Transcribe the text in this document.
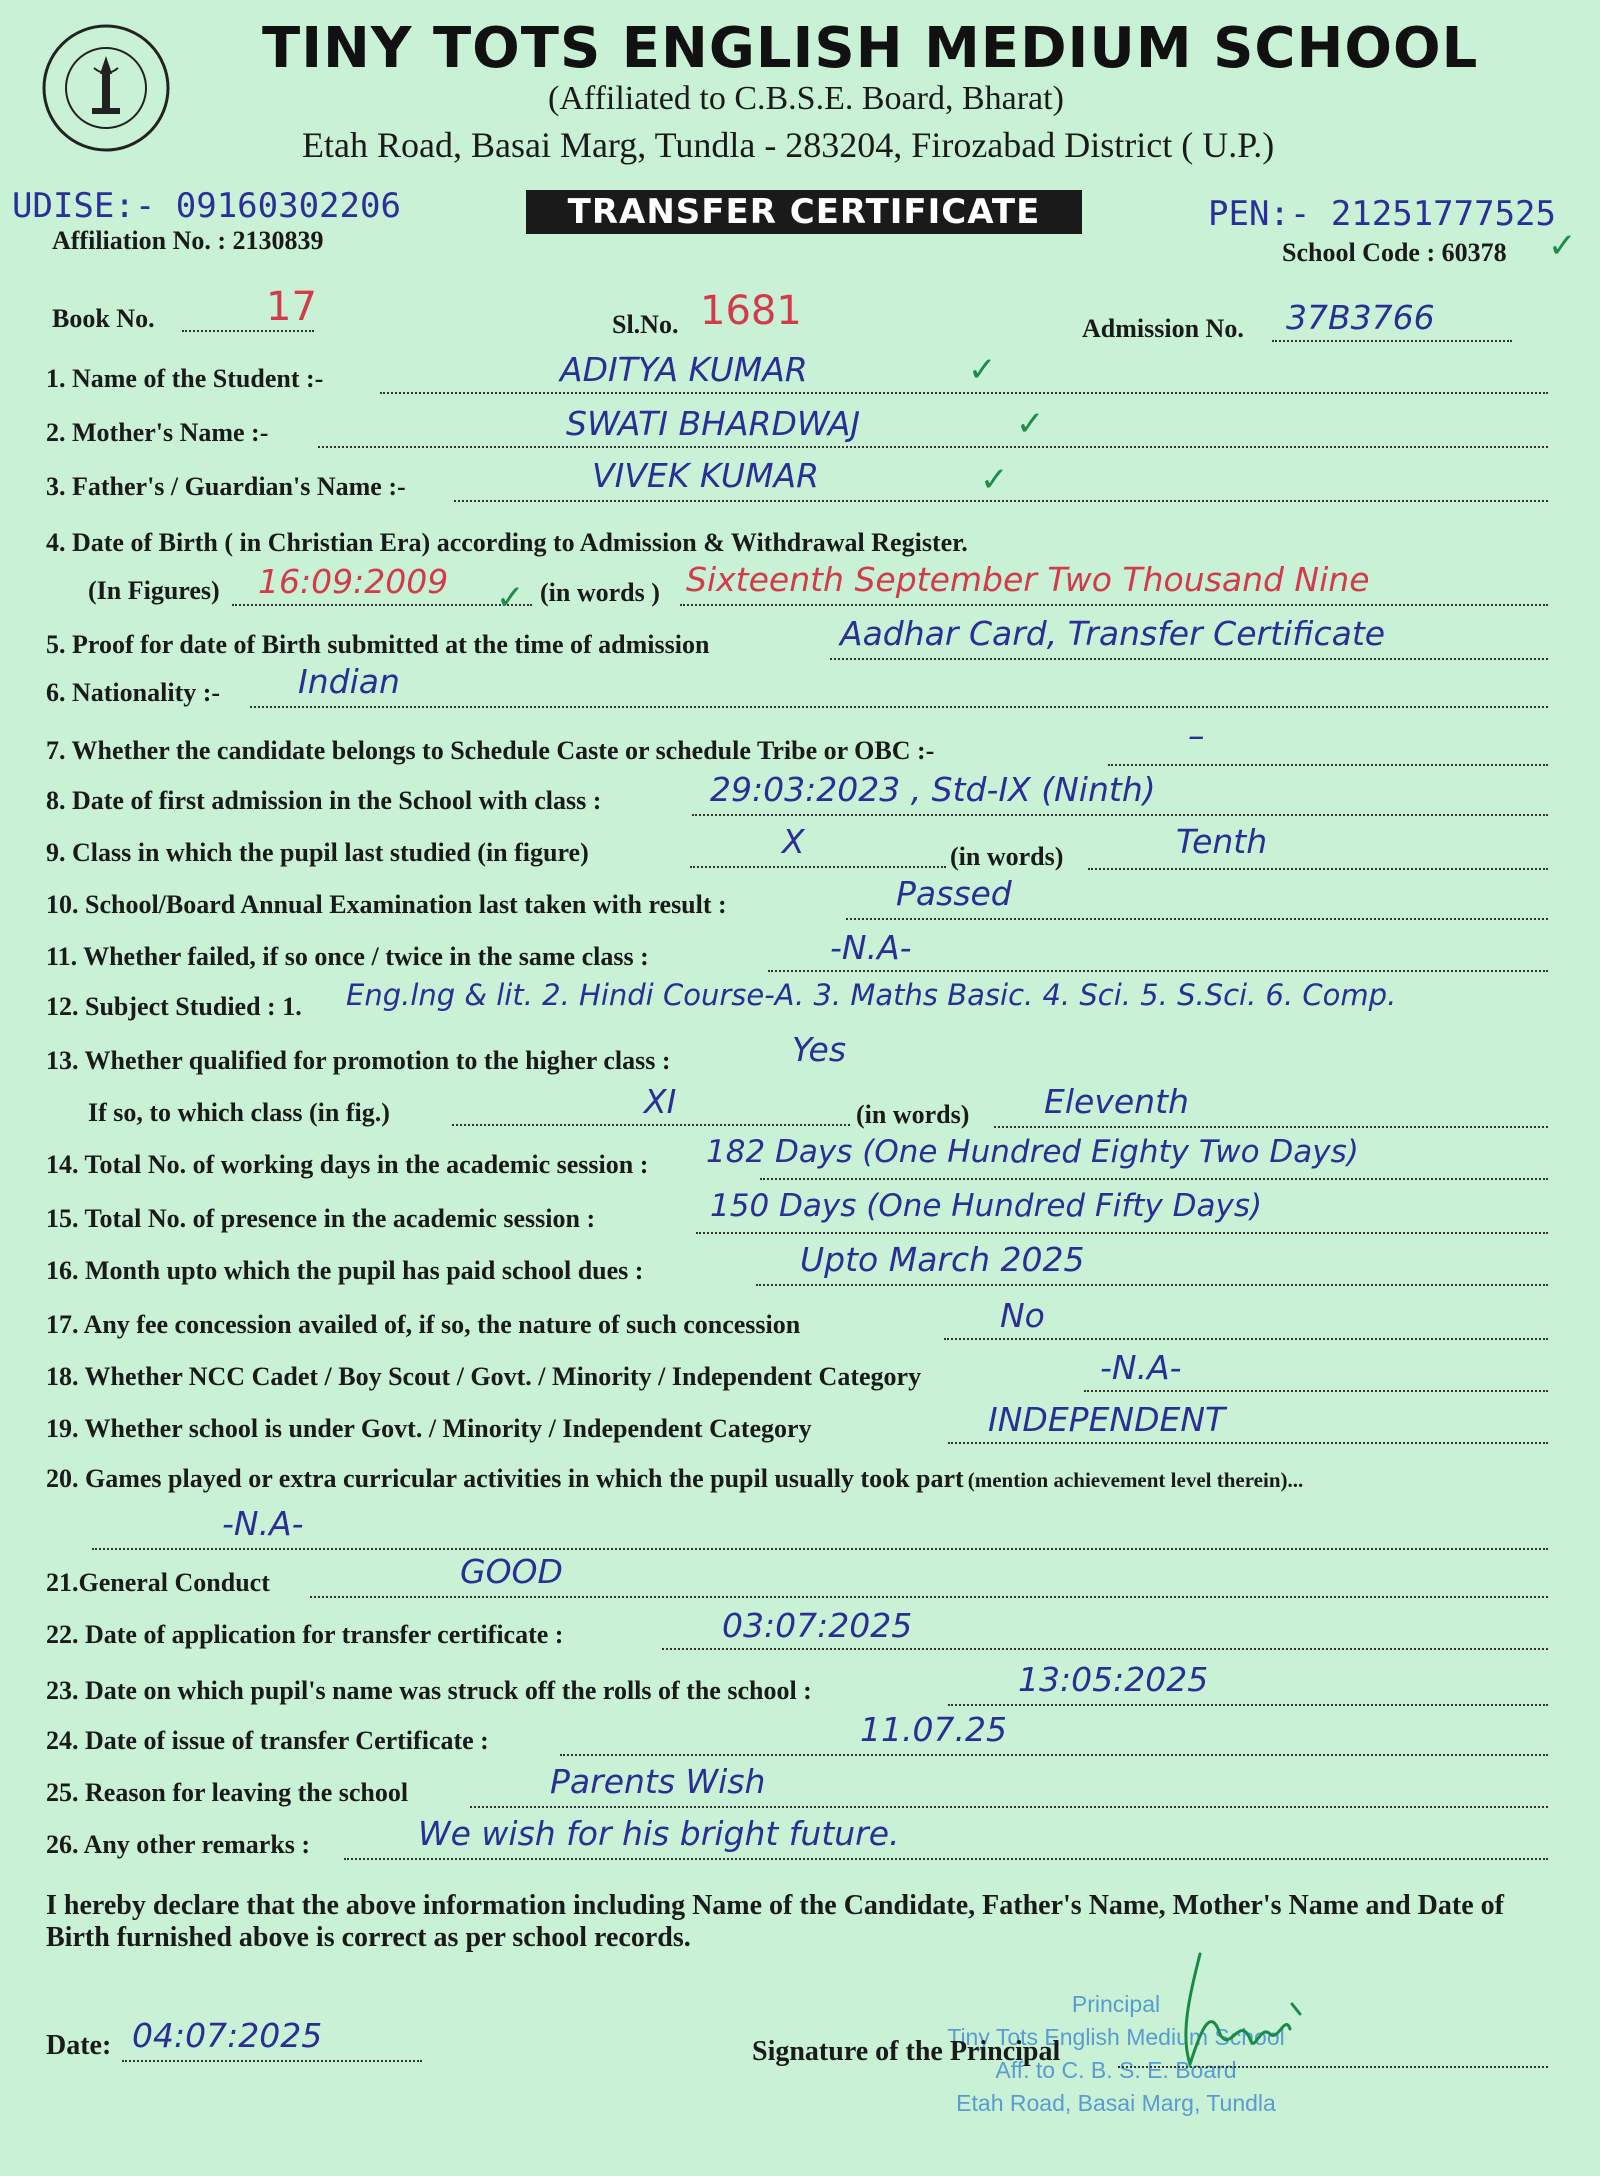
TINY TOTS ENGLISH MEDIUM SCHOOL
(Affiliated to C.B.S.E. Board, Bharat)
Etah Road, Basai Marg, Tundla - 283204, Firozabad District ( U.P.)
UDISE:- 09160302206	TRANSFER CERTIFICATE	PEN:- 21251777525
✓
Affiliation No. : 2130839	School Code : 60378
Book No.	17	Sl.No. 1681	Admission No. 37B3766
1. Name of the Student :-	ADITYA KUMAR	✓
2. Mother's Name :-	SWATI BHARDWAJ	✓
3. Father's / Guardian's Name :-	VIVEK KUMAR	✓
4. Date of Birth ( in Christian Era) according to Admission & Withdrawal Register.
(In Figures) 16:09:2009 ✓ (in words ) Sixteenth September Two Thousand Nine
5. Proof for date of Birth submitted at the time of admission	Aadhar Card, Transfer Certificate
6. Nationality :- Indian
7. Whether the candidate belongs to Schedule Caste or schedule Tribe or OBC :-	–
8. Date of first admission in the School with class :	29:03:2023 , Std-IX (Ninth)
9. Class in which the pupil last studied (in figure)	X	(in words)	Tenth
10. School/Board Annual Examination last taken with result :	Passed
11. Whether failed, if so once / twice in the same class :	-N.A-
12. Subject Studied : 1. Eng.lng & lit. 2. Hindi Course-A. 3. Maths Basic. 4. Sci. 5. S.Sci. 6. Comp.
13. Whether qualified for promotion to the higher class :	Yes
If so, to which class (in fig.)	XI	(in words) Eleventh
14. Total No. of working days in the academic session : 182 Days (One Hundred Eighty Two Days)
15. Total No. of presence in the academic session :	150 Days (One Hundred Fifty Days)
16. Month upto which the pupil has paid school dues :	Upto March 2025
17. Any fee concession availed of, if so, the nature of such concession	No
18. Whether NCC Cadet / Boy Scout / Govt. / Minority / Independent Category	-N.A-
19. Whether school is under Govt. / Minority / Independent Category	INDEPENDENT
20. Games played or extra curricular activities in which the pupil usually took part (mention achievement level therein)...
-N.A-
21.General Conduct	GOOD
22. Date of application for transfer certificate :	03:07:2025
23. Date on which pupil's name was struck off the rolls of the school :	13:05:2025
24. Date of issue of transfer Certificate :	11.07.25
25. Reason for leaving the school	Parents Wish
26. Any other remarks :	We wish for his bright future.
I hereby declare that the above information including Name of the Candidate, Father's Name, Mother's Name and Date of Birth furnished above is correct as per school records.
Principal
Tiny Tots English Medium School
Aff. to C. B. S. E. Board
Etah Road, Basai Marg, Tundla
Date: 04:07:2025	Signature of the Principal
